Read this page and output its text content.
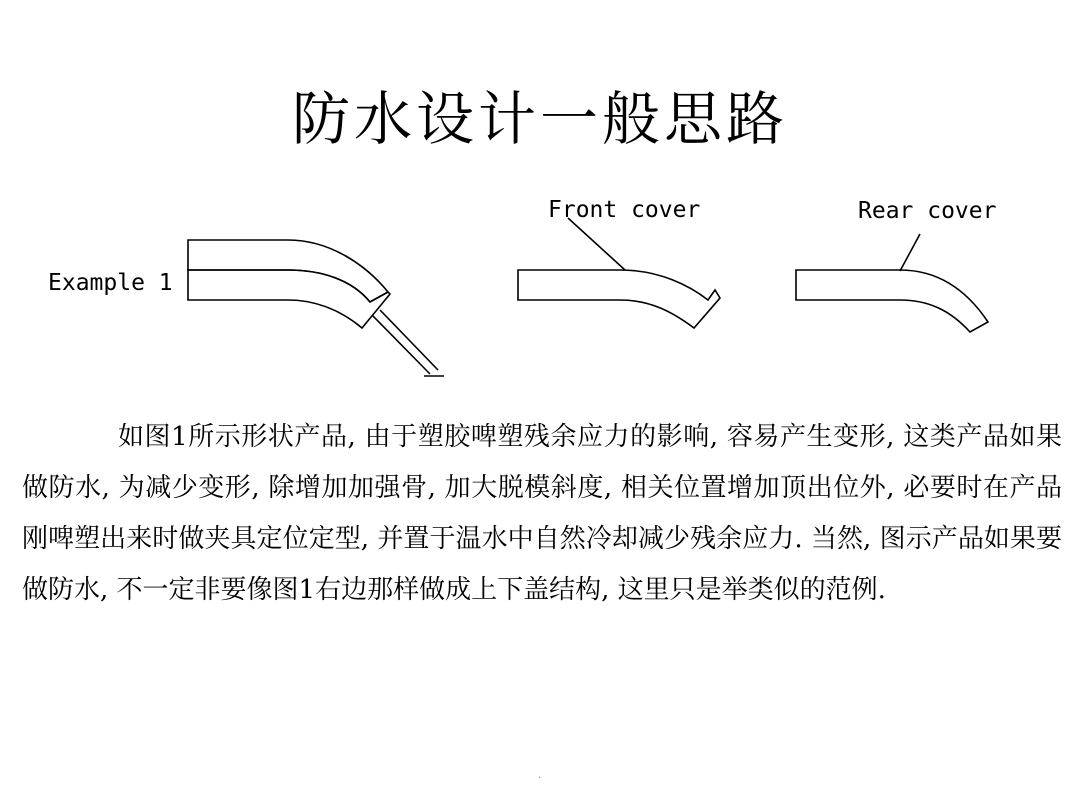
防水设计一般思路
Example 1
Front cover	Rear cover

如图1所示形状产品, 由于塑胶啤塑残余应力的影响, 容易产生变形, 这类产品如果做防水, 为减少变形, 除增加加强骨, 加大脱模斜度, 相关位置增加顶出位外, 必要时在产品刚啤塑出来时做夹具定位定型, 并置于温水中自然冷却减少残余应力. 当然, 图示产品如果要做防水, 不一定非要像图1右边那样做成上下盖结构, 这里只是举类似的范例.

.
